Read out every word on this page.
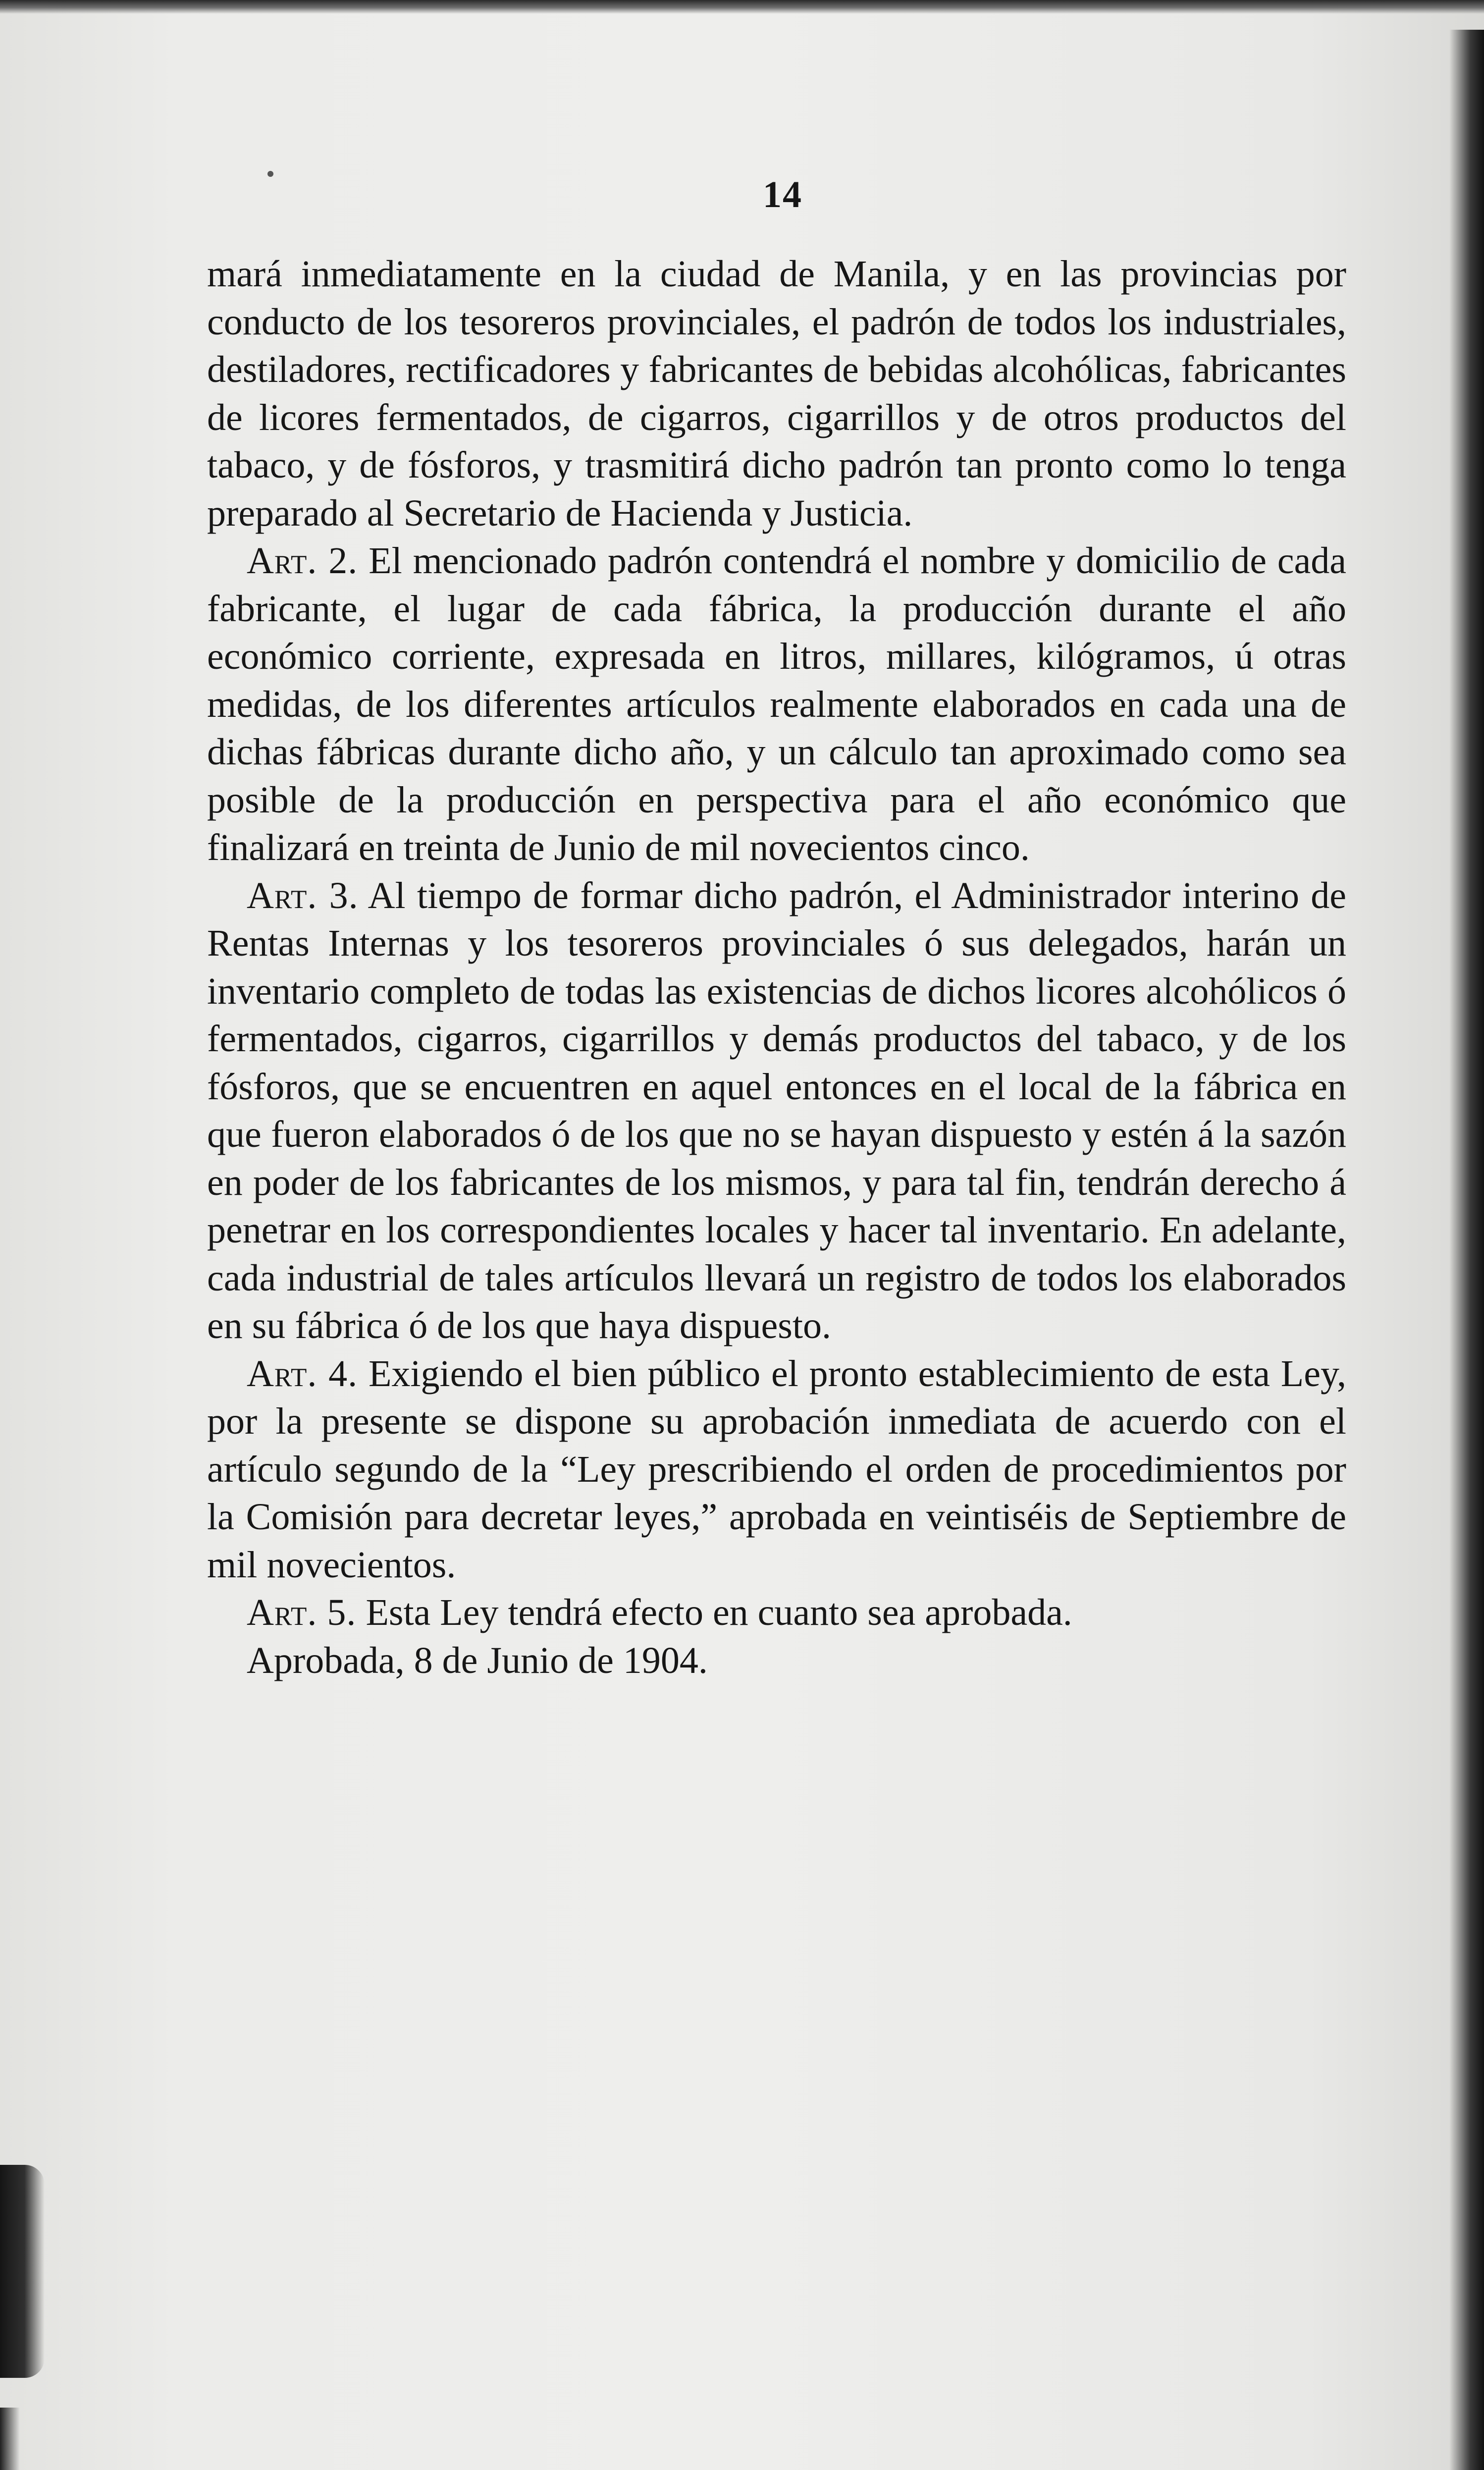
14

mará inmediatamente en la ciudad de Manila, y en las provincias por conducto de los tesoreros provinciales, el padrón de todos los industriales, destiladores, rectificadores y fabricantes de bebidas alcohólicas, fabricantes de licores fermentados, de cigarros, cigarrillos y de otros productos del tabaco, y de fósforos, y trasmitirá dicho padrón tan pronto como lo tenga preparado al Secretario de Hacienda y Justicia.

Art. 2. El mencionado padrón contendrá el nombre y domicilio de cada fabricante, el lugar de cada fábrica, la producción durante el año económico corriente, expresada en litros, millares, kilógramos, ú otras medidas, de los diferentes artículos realmente elaborados en cada una de dichas fábricas durante dicho año, y un cálculo tan aproximado como sea posible de la producción en perspectiva para el año económico que finalizará en treinta de Junio de mil novecientos cinco.

Art. 3. Al tiempo de formar dicho padrón, el Administrador interino de Rentas Internas y los tesoreros provinciales ó sus delegados, harán un inventario completo de todas las existencias de dichos licores alcohólicos ó fermentados, cigarros, cigarrillos y demás productos del tabaco, y de los fósforos, que se encuentren en aquel entonces en el local de la fábrica en que fueron elaborados ó de los que no se hayan dispuesto y estén á la sazón en poder de los fabricantes de los mismos, y para tal fin, tendrán derecho á penetrar en los correspondientes locales y hacer tal inventario. En adelante, cada industrial de tales artículos llevará un registro de todos los elaborados en su fábrica ó de los que haya dispuesto.

Art. 4. Exigiendo el bien público el pronto establecimiento de esta Ley, por la presente se dispone su aprobación inmediata de acuerdo con el artículo segundo de la “Ley prescribiendo el orden de procedimientos por la Comisión para decretar leyes,” aprobada en veintiséis de Septiembre de mil novecientos.

Art. 5. Esta Ley tendrá efecto en cuanto sea aprobada.

Aprobada, 8 de Junio de 1904.
